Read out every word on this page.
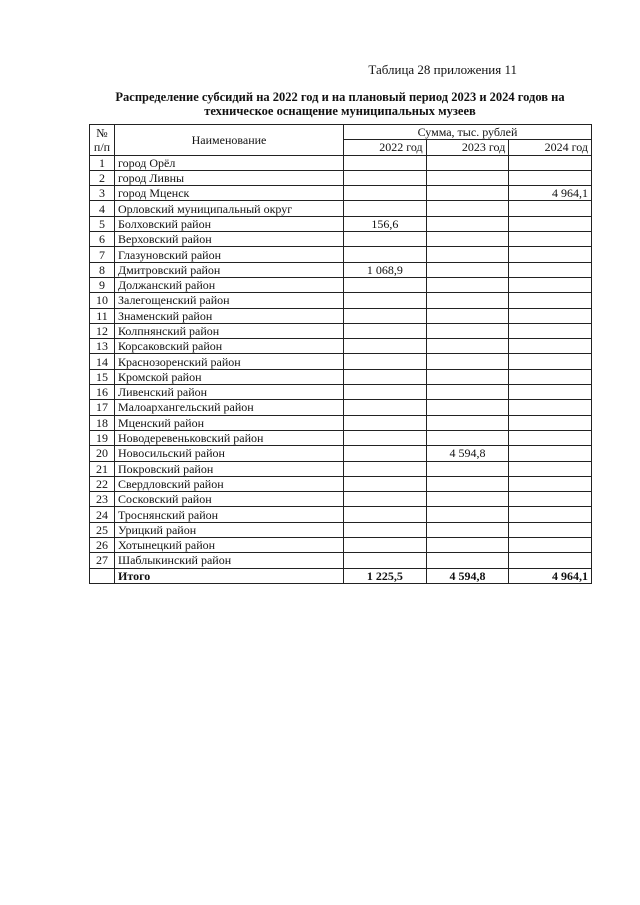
Таблица 28 приложения 11
Распределение субсидий на 2022 год и на плановый период 2023 и 2024 годов на техническое оснащение муниципальных музеев
№
п/п	Наименование	Сумма, тыс. рублей		
		2022 год	2023 год	2024 год
1	город Орёл			
2	город Ливны			
3	город Мценск			4 964,1
4	Орловский муниципальный округ			
5	Болховский район	156,6		
6	Верховский район			
7	Глазуновский район			
8	Дмитровский район	1 068,9		
9	Должанский район			
10	Залегощенский район			
11	Знаменский район			
12	Колпнянский район			
13	Корсаковский район			
14	Краснозоренский район			
15	Кромской район			
16	Ливенский район			
17	Малоархангельский район			
18	Мценский район			
19	Новодеревеньковский район			
20	Новосильский район		4 594,8	
21	Покровский район			
22	Свердловский район			
23	Сосковский район			
24	Троснянский район			
25	Урицкий район			
26	Хотынецкий район			
27	Шаблыкинский район			
	Итого	1 225,5	4 594,8	4 964,1
